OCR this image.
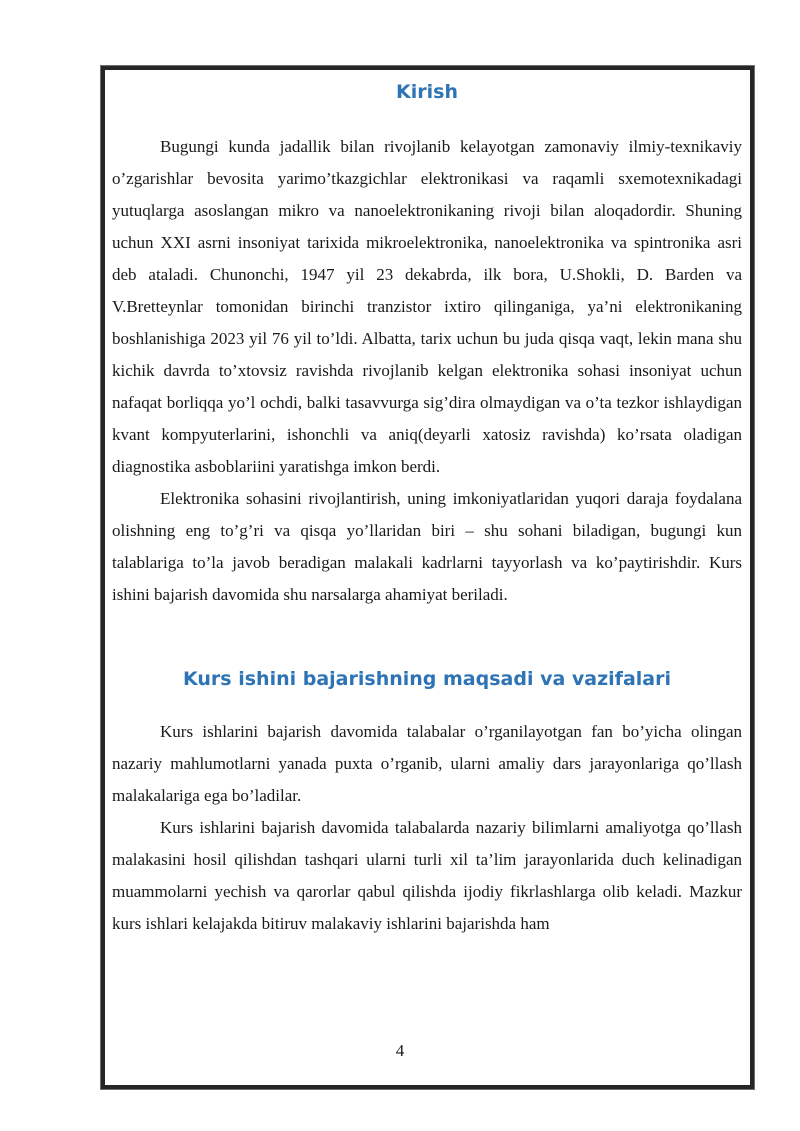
Kirish

Bugungi kunda jadallik bilan rivojlanib kelayotgan zamonaviy ilmiy-texnikaviy o’zgarishlar bevosita yarimo’tkazgichlar elektronikasi va raqamli sxemotexnikadagi yutuqlarga asoslangan mikro va nanoelektronikaning rivoji bilan aloqadordir. Shuning uchun XXI asrni insoniyat tarixida mikroelektronika, nanoelektronika va spintronika asri deb ataladi. Chunonchi, 1947 yil 23 dekabrda, ilk bora, U.Shokli, D. Barden va V.Bretteynlar tomonidan birinchi tranzistor ixtiro qilinganiga, ya’ni elektronikaning boshlanishiga 2023 yil 76 yil to’ldi. Albatta, tarix uchun bu juda qisqa vaqt, lekin mana shu kichik davrda to’xtovsiz ravishda rivojlanib kelgan elektronika sohasi insoniyat uchun nafaqat borliqqa yo’l ochdi, balki tasavvurga sig’dira olmaydigan va o’ta tezkor ishlaydigan kvant kompyuterlarini, ishonchli va aniq(deyarli xatosiz ravishda) ko’rsata oladigan diagnostika asboblariini yaratishga imkon berdi.

Elektronika sohasini rivojlantirish, uning imkoniyatlaridan yuqori daraja foydalana olishning eng to’g’ri va qisqa yo’llaridan biri – shu sohani biladigan, bugungi kun talablariga to’la javob beradigan malakali kadrlarni tayyorlash va ko’paytirishdir. Kurs ishini bajarish davomida shu narsalarga ahamiyat beriladi.

Kurs ishini bajarishning maqsadi va vazifalari

Kurs ishlarini bajarish davomida talabalar o’rganilayotgan fan bo’yicha olingan nazariy mahlumotlarni yanada puxta o’rganib, ularni amaliy dars jarayonlariga qo’llash malakalariga ega bo’ladilar.

Kurs ishlarini bajarish davomida talabalarda nazariy bilimlarni amaliyotga qo’llash malakasini hosil qilishdan tashqari ularni turli xil ta’lim jarayonlarida duch kelinadigan muammolarni yechish va qarorlar qabul qilishda ijodiy fikrlashlarga olib keladi. Mazkur kurs ishlari kelajakda bitiruv malakaviy ishlarini bajarishda ham

4
